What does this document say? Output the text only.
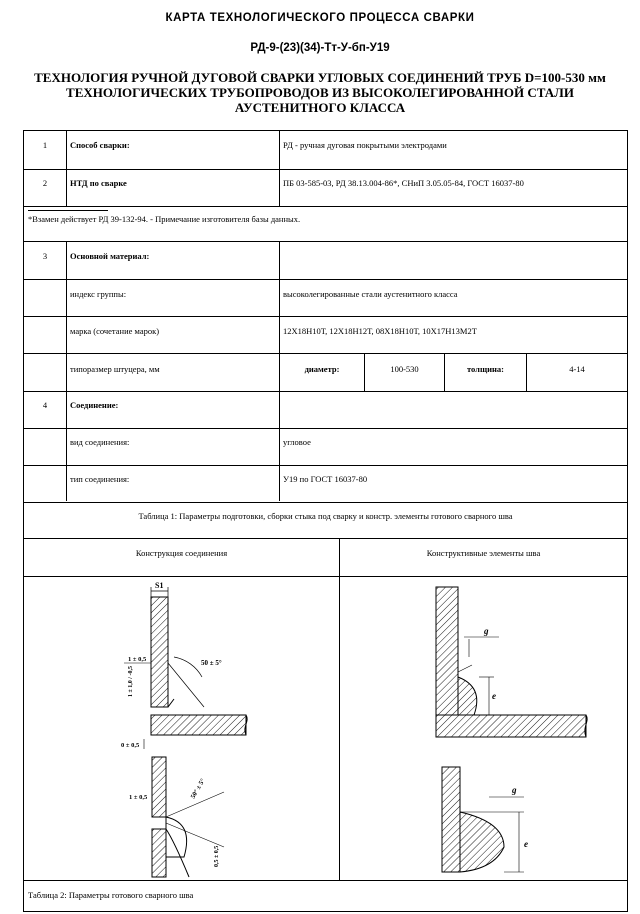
КАРТА ТЕХНОЛОГИЧЕСКОГО ПРОЦЕССА СВАРКИ
РД-9-(23)(34)-Тт-У-бп-У19
ТЕХНОЛОГИЯ РУЧНОЙ ДУГОВОЙ СВАРКИ УГЛОВЫХ СОЕДИНЕНИЙ ТРУБ D=100-530 мм
ТЕХНОЛОГИЧЕСКИХ ТРУБОПРОВОДОВ ИЗ ВЫСОКОЛЕГИРОВАННОЙ СТАЛИ
АУСТЕНИТНОГО КЛАССА
1	Способ сварки:	РД - ручная дуговая покрытыми электродами
2	НТД по сварке	ПБ 03-585-03, РД 38.13.004-86*, СНиП 3.05.05-84, ГОСТ 16037-80
*Взамен действует РД 39-132-94. - Примечание изготовителя базы данных.
3	Основной материал:
индекс группы:	высоколегированные стали аустенитного класса
марка (сочетание марок)	12Х18Н10Т, 12Х18Н12Т, 08Х18Н10Т, 10Х17Н13М2Т
типоразмер штуцера, мм	диаметр:	100-530	толщина:	4-14
4	Соединение:
вид соединения:	угловое
тип соединения:	У19 по ГОСТ 16037-80
Таблица 1: Параметры подготовки, сборки стыка под сварку и констр. элементы готового сварного шва
Конструкция соединения	Конструктивные элементы шва
S1
50 ± 5°
1 ± 0,5
1 ± 1,0 / -0,5
0 ± 0,5
1 ± 0,5	50° ± 5°
0,5 ± 0,5
g
e
g
e
Таблица 2: Параметры готового сварного шва
